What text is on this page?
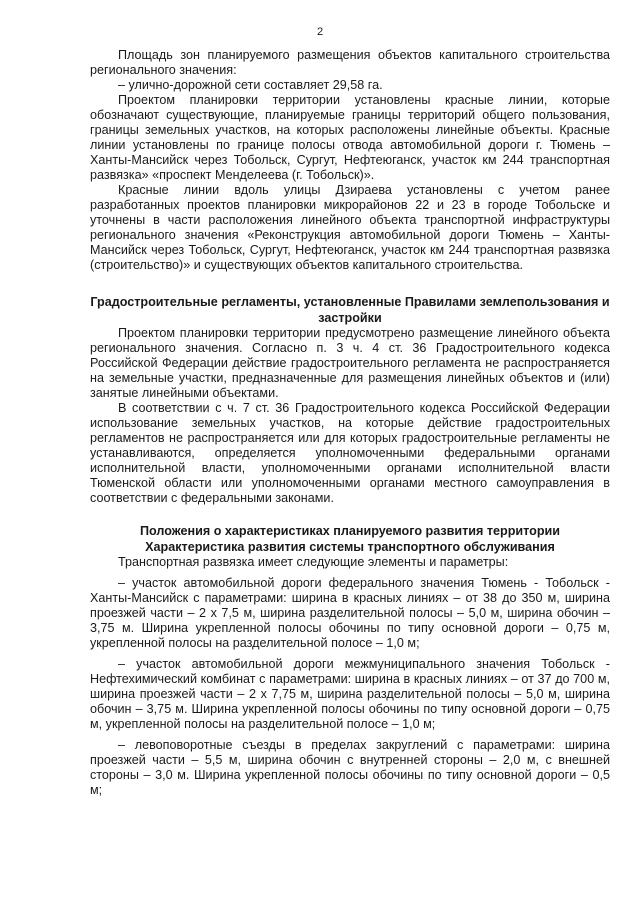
2

Площадь зон планируемого размещения объектов капитального строительства регионального значения:

– улично-дорожной сети составляет 29,58 га.

Проектом планировки территории установлены красные линии, которые обозначают существующие, планируемые границы территорий общего пользования, границы земельных участков, на которых расположены линейные объекты. Красные линии установлены по границе полосы отвода автомобильной дороги г. Тюмень – Ханты-Мансийск через Тобольск, Сургут, Нефтеюганск, участок км 244 транспортная развязка» «проспект Менделеева (г. Тобольск)».

Красные линии вдоль улицы Дзираева установлены с учетом ранее разработанных проектов планировки микрорайонов 22 и 23 в городе Тобольске и уточнены в части расположения линейного объекта транспортной инфраструктуры регионального значения «Реконструкция автомобильной дороги Тюмень – Ханты-Мансийск через Тобольск, Сургут, Нефтеюганск, участок км 244 транспортная развязка (строительство)» и существующих объектов капитального строительства.

Градостроительные регламенты, установленные Правилами землепользования и застройки

Проектом планировки территории предусмотрено размещение линейного объекта регионального значения. Согласно п. 3 ч. 4 ст. 36 Градостроительного кодекса Российской Федерации действие градостроительного регламента не распространяется на земельные участки, предназначенные для размещения линейных объектов и (или) занятые линейными объектами.

В соответствии с ч. 7 ст. 36 Градостроительного кодекса Российской Федерации использование земельных участков, на которые действие градостроительных регламентов не распространяется или для которых градостроительные регламенты не устанавливаются, определяется уполномоченными федеральными органами исполнительной власти, уполномоченными органами исполнительной власти Тюменской области или уполномоченными органами местного самоуправления в соответствии с федеральными законами.

Положения о характеристиках планируемого развития территории

Характеристика развития системы транспортного обслуживания

Транспортная развязка имеет следующие элементы и параметры:

– участок автомобильной дороги федерального значения Тюмень - Тобольск - Ханты-Мансийск с параметрами: ширина в красных линиях – от 38 до 350 м, ширина проезжей части – 2 х 7,5 м, ширина разделительной полосы – 5,0 м, ширина обочин – 3,75 м. Ширина укрепленной полосы обочины по типу основной дороги – 0,75 м, укрепленной полосы на разделительной полосе – 1,0 м;

– участок автомобильной дороги межмуниципального значения Тобольск - Нефтехимический комбинат с параметрами: ширина в красных линиях – от 37 до 700 м, ширина проезжей части – 2 х 7,75 м, ширина разделительной полосы – 5,0 м, ширина обочин – 3,75 м. Ширина укрепленной полосы обочины по типу основной дороги – 0,75 м, укрепленной полосы на разделительной полосе – 1,0 м;

– левоповоротные съезды в пределах закруглений с параметрами: ширина проезжей части – 5,5 м, ширина обочин с внутренней стороны – 2,0 м, с внешней стороны – 3,0 м. Ширина укрепленной полосы обочины по типу основной дороги – 0,5 м;
